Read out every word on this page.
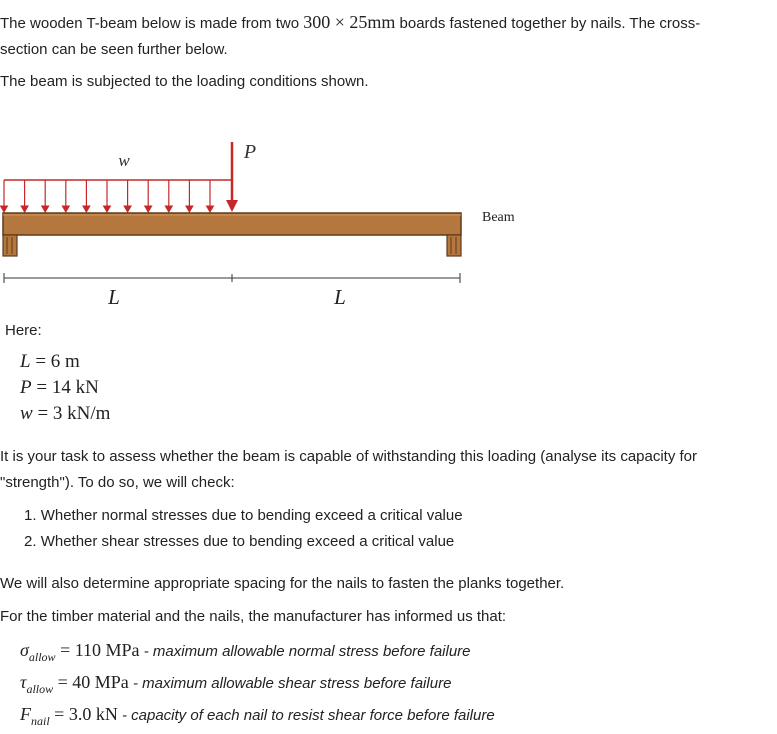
The wooden T-beam below is made from two 300 × 25mm boards fastened together by nails. The cross-
section can be seen further below.

The beam is subjected to the loading conditions shown.

w	P
Beam
L	L

Here:

L = 6 m
P = 14 kN
w = 3 kN/m

It is your task to assess whether the beam is capable of withstanding this loading (analyse its capacity for
"strength"). To do so, we will check:

1. Whether normal stresses due to bending exceed a critical value
2. Whether shear stresses due to bending exceed a critical value

We will also determine appropriate spacing for the nails to fasten the planks together.

For the timber material and the nails, the manufacturer has informed us that:

$\sigma_{allow} = 110$ MPa - maximum allowable normal stress before failure
$\tau_{allow} = 40$ MPa - maximum allowable shear stress before failure
$F_{nail} = 3.0$ kN - capacity of each nail to resist shear force before failure
